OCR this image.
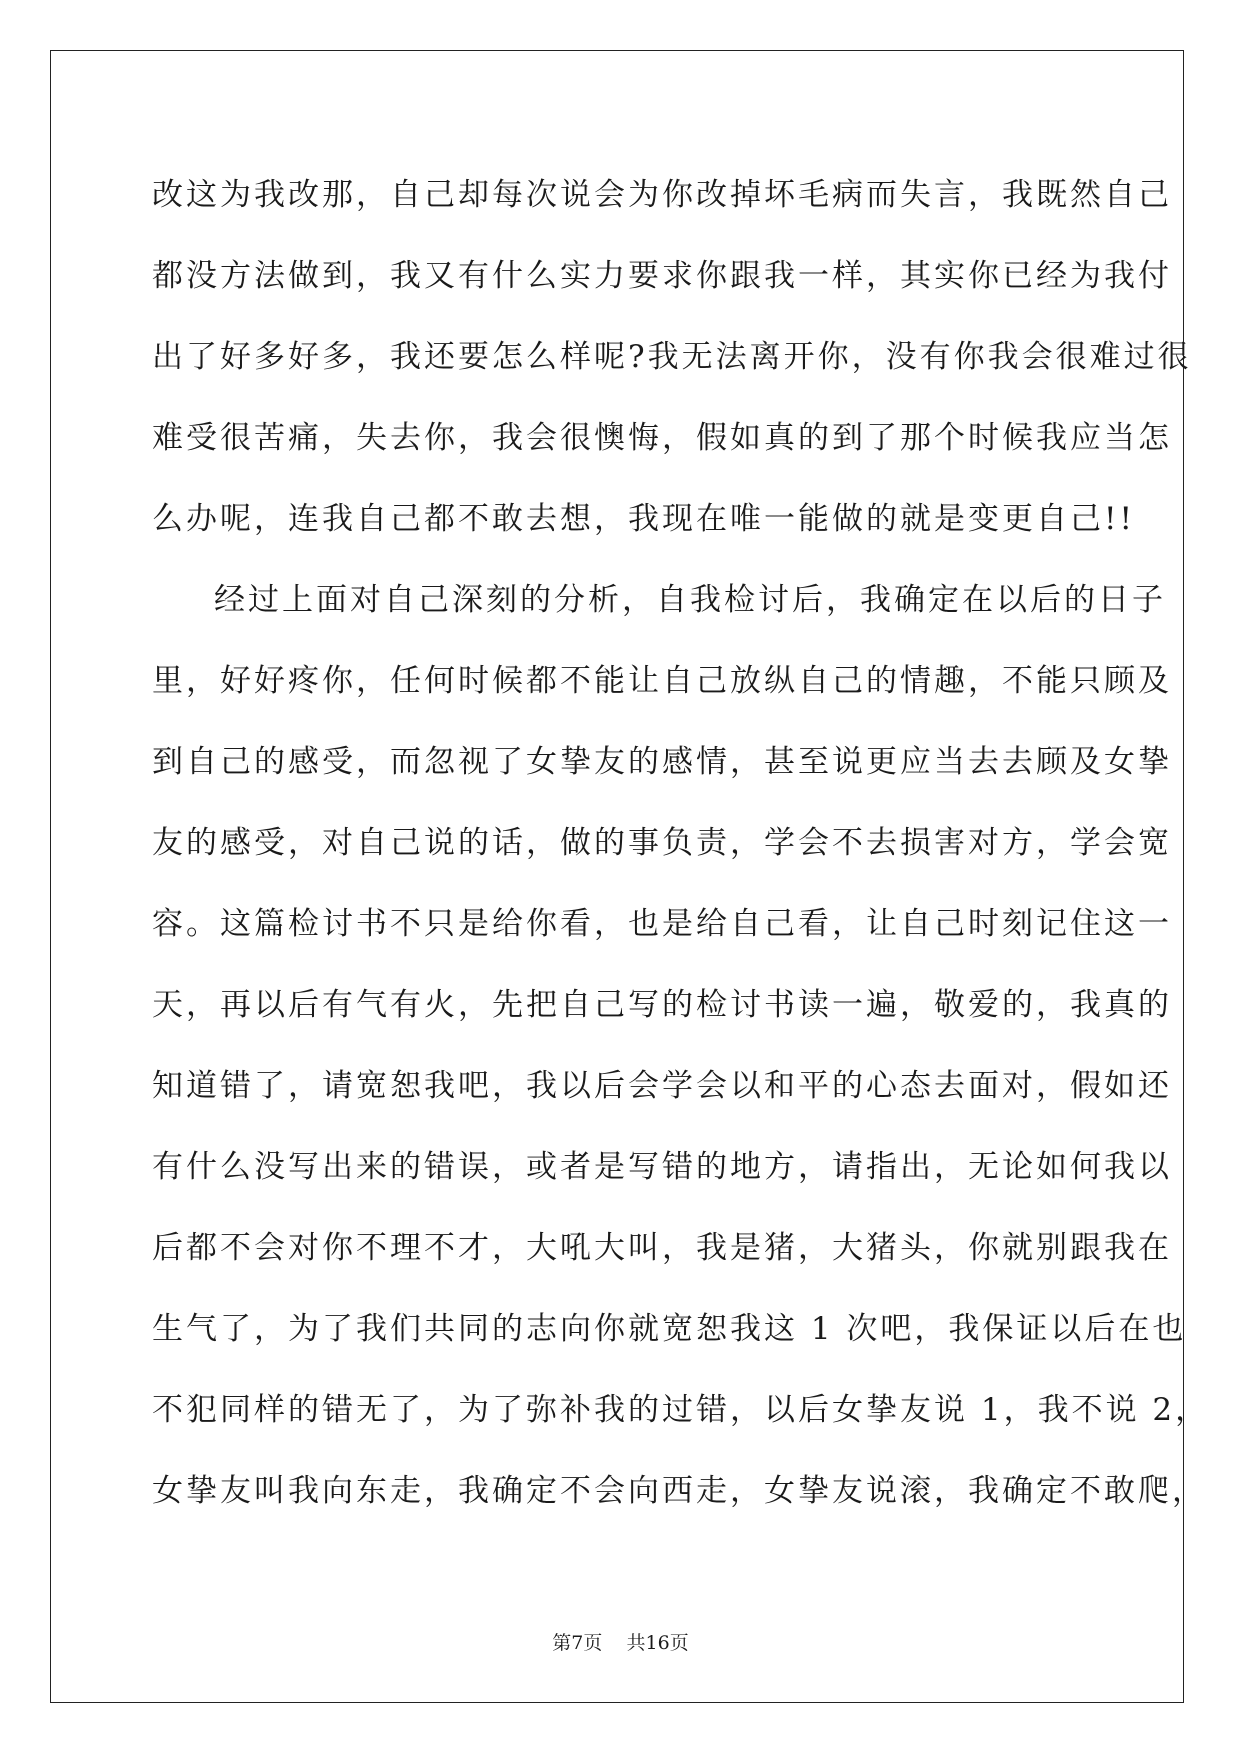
改这为我改那，自己却每次说会为你改掉坏毛病而失言，我既然自己
都没方法做到，我又有什么实力要求你跟我一样，其实你已经为我付
出了好多好多，我还要怎么样呢?我无法离开你，没有你我会很难过很
难受很苦痛，失去你，我会很懊悔，假如真的到了那个时候我应当怎
么办呢，连我自己都不敢去想，我现在唯一能做的就是变更自己!!
经过上面对自己深刻的分析，自我检讨后，我确定在以后的日子
里，好好疼你，任何时候都不能让自己放纵自己的情趣，不能只顾及
到自己的感受，而忽视了女挚友的感情，甚至说更应当去去顾及女挚
友的感受，对自己说的话，做的事负责，学会不去损害对方，学会宽
容。这篇检讨书不只是给你看，也是给自己看，让自己时刻记住这一
天，再以后有气有火，先把自己写的检讨书读一遍，敬爱的，我真的
知道错了，请宽恕我吧，我以后会学会以和平的心态去面对，假如还
有什么没写出来的错误，或者是写错的地方，请指出，无论如何我以
后都不会对你不理不才，大吼大叫，我是猪，大猪头，你就别跟我在
生气了，为了我们共同的志向你就宽恕我这 1 次吧，我保证以后在也
不犯同样的错无了，为了弥补我的过错，以后女挚友说 1，我不说 2，
女挚友叫我向东走，我确定不会向西走，女挚友说滚，我确定不敢爬，
第7页    共16页
